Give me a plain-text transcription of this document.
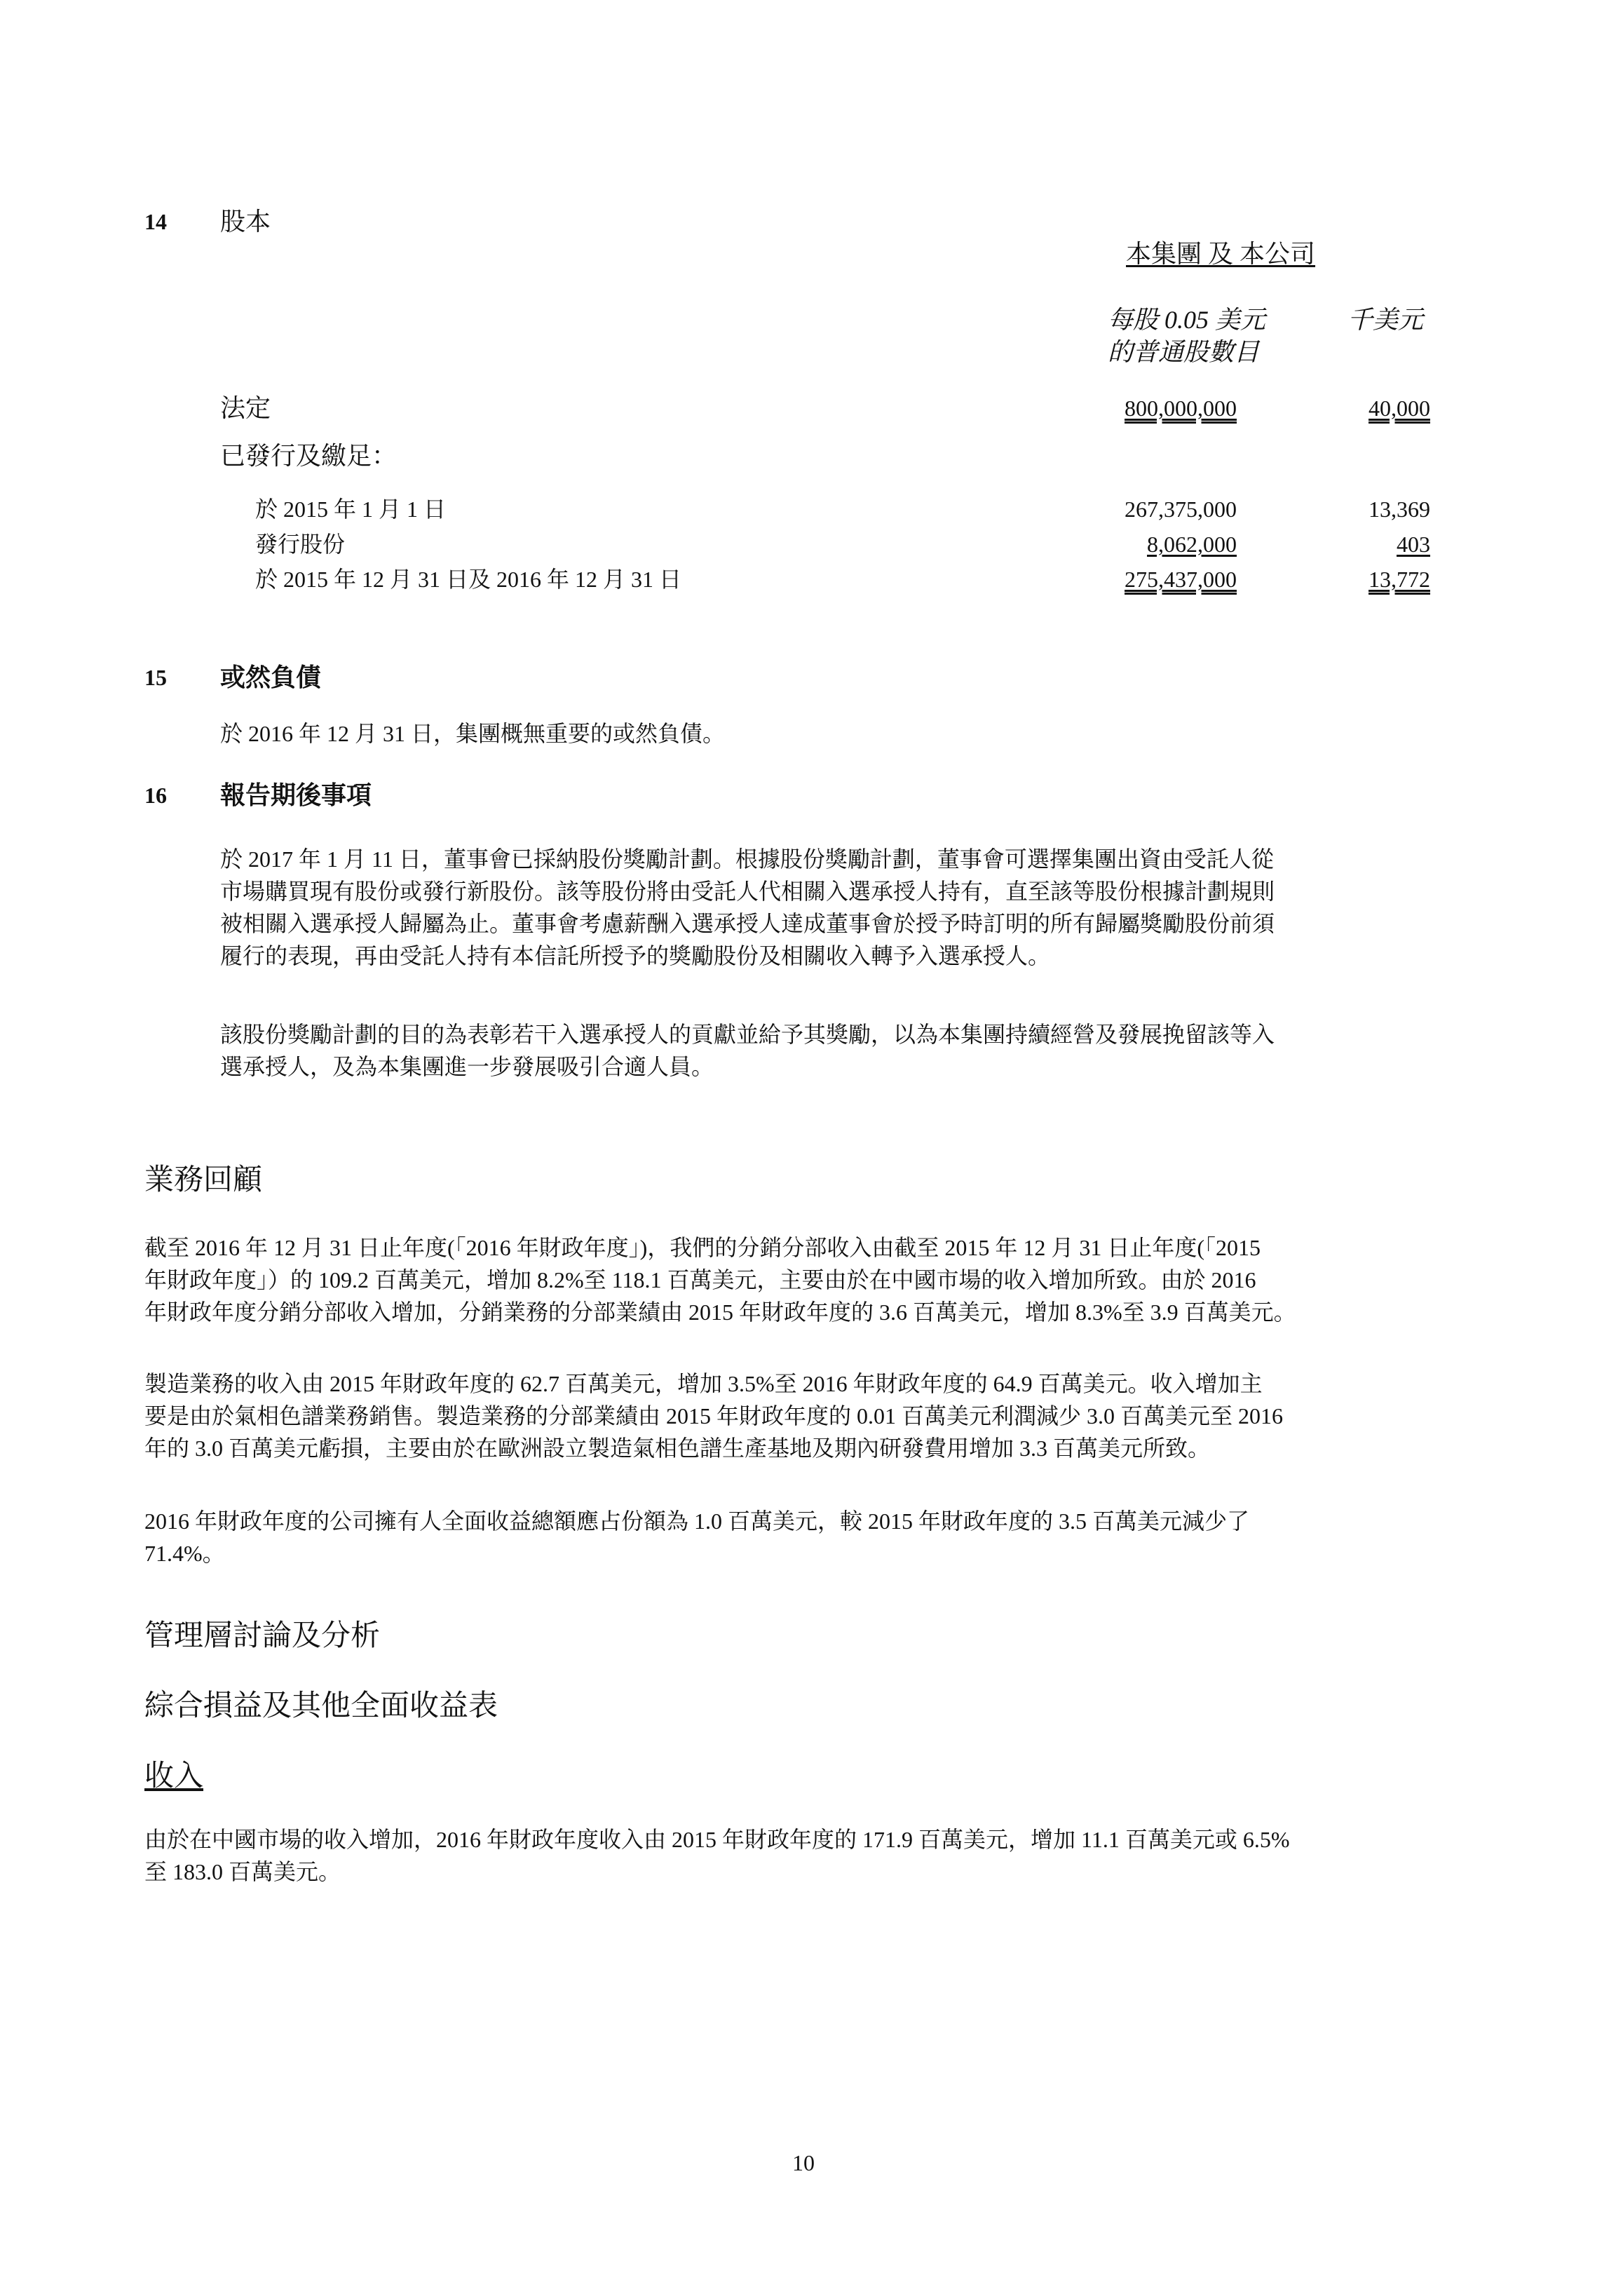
14 股本
本集團 及 本公司
每股 0.05 美元
的普通股數目
千美元
法定	800,000,000	40,000
已發行及繳足：
於 2015 年 1 月 1 日	267,375,000	13,369
發行股份	8,062,000	403
於 2015 年 12 月 31 日及 2016 年 12 月 31 日	275,437,000	13,772
15 或然負債
於 2016 年 12 月 31 日，集團概無重要的或然負債。
16 報告期後事項
於 2017 年 1 月 11 日，董事會已採納股份獎勵計劃。根據股份獎勵計劃，董事會可選擇集團出資由受託人從
市場購買現有股份或發行新股份。該等股份將由受託人代相關入選承授人持有，直至該等股份根據計劃規則
被相關入選承授人歸屬為止。董事會考慮薪酬入選承授人達成董事會於授予時訂明的所有歸屬獎勵股份前須
履行的表現，再由受託人持有本信託所授予的獎勵股份及相關收入轉予入選承授人。
該股份獎勵計劃的目的為表彰若干入選承授人的貢獻並給予其獎勵，以為本集團持續經營及發展挽留該等入
選承授人，及為本集團進一步發展吸引合適人員。
業務回顧
截至 2016 年 12 月 31 日止年度(「2016 年財政年度」)，我們的分銷分部收入由截至 2015 年 12 月 31 日止年度(「2015
年財政年度」）的 109.2 百萬美元，增加 8.2%至 118.1 百萬美元，主要由於在中國市場的收入增加所致。由於 2016
年財政年度分銷分部收入增加，分銷業務的分部業績由 2015 年財政年度的 3.6 百萬美元，增加 8.3%至 3.9 百萬美元。
製造業務的收入由 2015 年財政年度的 62.7 百萬美元，增加 3.5%至 2016 年財政年度的 64.9 百萬美元。收入增加主
要是由於氣相色譜業務銷售。製造業務的分部業績由 2015 年財政年度的 0.01 百萬美元利潤減少 3.0 百萬美元至 2016
年的 3.0 百萬美元虧損，主要由於在歐洲設立製造氣相色譜生產基地及期內研發費用增加 3.3 百萬美元所致。
2016 年財政年度的公司擁有人全面收益總額應占份額為 1.0 百萬美元，較 2015 年財政年度的 3.5 百萬美元減少了
71.4%。
管理層討論及分析
綜合損益及其他全面收益表
收入
由於在中國市場的收入增加，2016 年財政年度收入由 2015 年財政年度的 171.9 百萬美元，增加 11.1 百萬美元或 6.5%
至 183.0 百萬美元。
10
